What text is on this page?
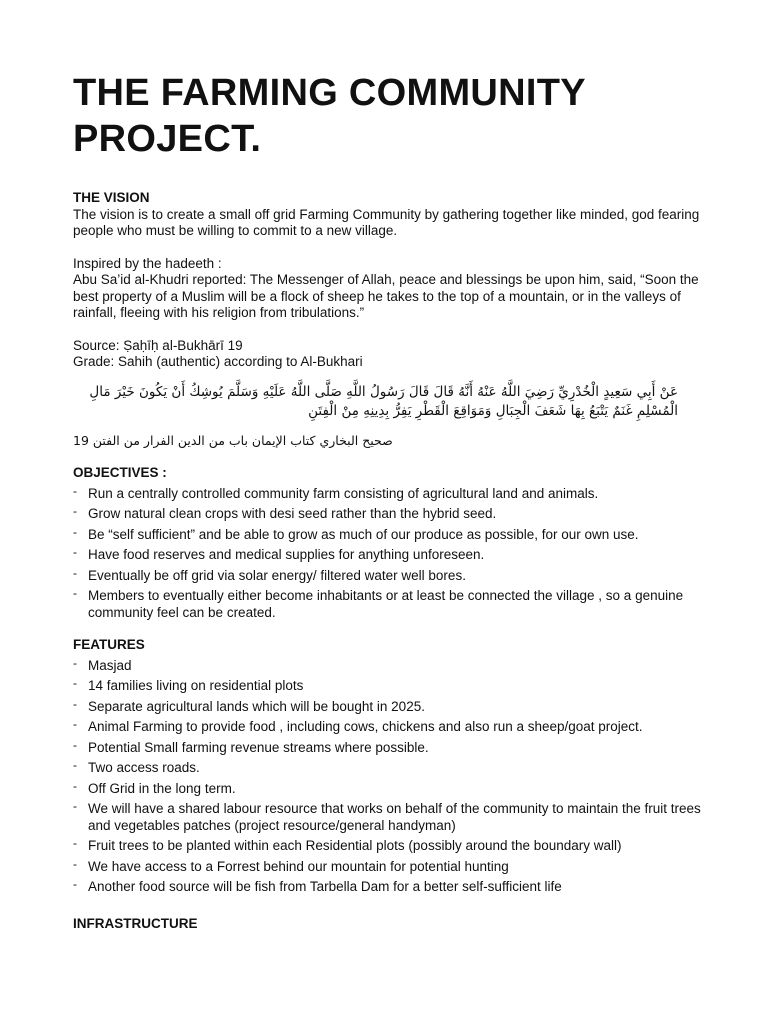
THE FARMING COMMUNITY
PROJECT.

THE VISION

The vision is to create a small off grid Farming Community by gathering together like minded, god fearing people who must be willing to commit to a new village.

Inspired by the hadeeth :

Abu Sa’id al-Khudri reported: The Messenger of Allah, peace and blessings be upon him, said, “Soon the best property of a Muslim will be a flock of sheep he takes to the top of a mountain, or in the valleys of rainfall, fleeing with his religion from tribulations.”

Source: Ṣaḥīḥ al-Bukhārī 19

Grade: Sahih (authentic) according to Al-Bukhari

عَنْ أَبِي سَعِيدٍ الْخُدْرِيِّ رَضِيَ اللَّهُ عَنْهُ أَنَّهُ قَالَ قَالَ رَسُولُ اللَّهِ صَلَّى اللَّهُ عَلَيْهِ وَسَلَّمَ يُوشِكُ أَنْ يَكُونَ خَيْرَ مَالِ الْمُسْلِمِ غَنَمٌ يَتْبَعُ بِهَا شَعَفَ الْجِبَالِ وَمَوَاقِعَ الْقَطْرِ يَفِرُّ بِدِينِهِ مِنْ الْفِتَنِ

صحيح البخاري كتاب الإيمان باب من الدين الفرار من الفتن 19

OBJECTIVES :

- Run a centrally controlled community farm consisting of agricultural land and animals.
- Grow natural clean crops with desi seed rather than the hybrid seed.
- Be “self sufficient” and be able to grow as much of our produce as possible, for our own use.
- Have food reserves and medical supplies for anything unforeseen.
- Eventually be off grid via solar energy/ filtered water well bores.
- Members to eventually either become inhabitants or at least be connected the village , so a genuine community feel can be created.

FEATURES

- Masjad
- 14 families living on residential plots
- Separate agricultural lands which will be bought in 2025.
- Animal Farming to provide food , including cows, chickens and also run a sheep/goat project.
- Potential Small farming revenue streams where possible.
- Two access roads.
- Off Grid in the long term.
- We will have a shared labour resource that works on behalf of the community to maintain the fruit trees and vegetables patches (project resource/general handyman)
- Fruit trees to be planted within each Residential plots (possibly around the boundary wall)
- We have access to a Forrest behind our mountain for potential hunting
- Another food source will be fish from Tarbella Dam for a better self-sufficient life

INFRASTRUCTURE
